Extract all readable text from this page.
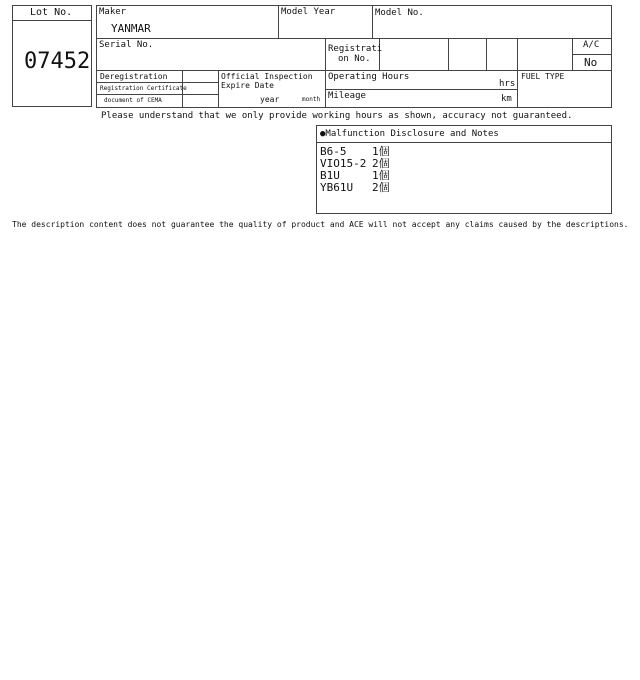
Lot No.
07452
Maker
YANMAR
Model Year	Model No.
Serial No.	Registrati
on No.
A/C
No
Deregistration
Registration Certificate
document of CEMA
Official Inspection
Expire Date
year	month
Operating Hours
hrs
Mileage	km
FUEL TYPE
Please understand that we only provide working hours as shown, accuracy not guaranteed.
●Malfunction Disclosure and Notes
B6-5	1個
VIO15-2 2個
B1U	1個
YB61U	2個
The description content does not guarantee the quality of product and ACE will not accept any claims caused by the descriptions.
